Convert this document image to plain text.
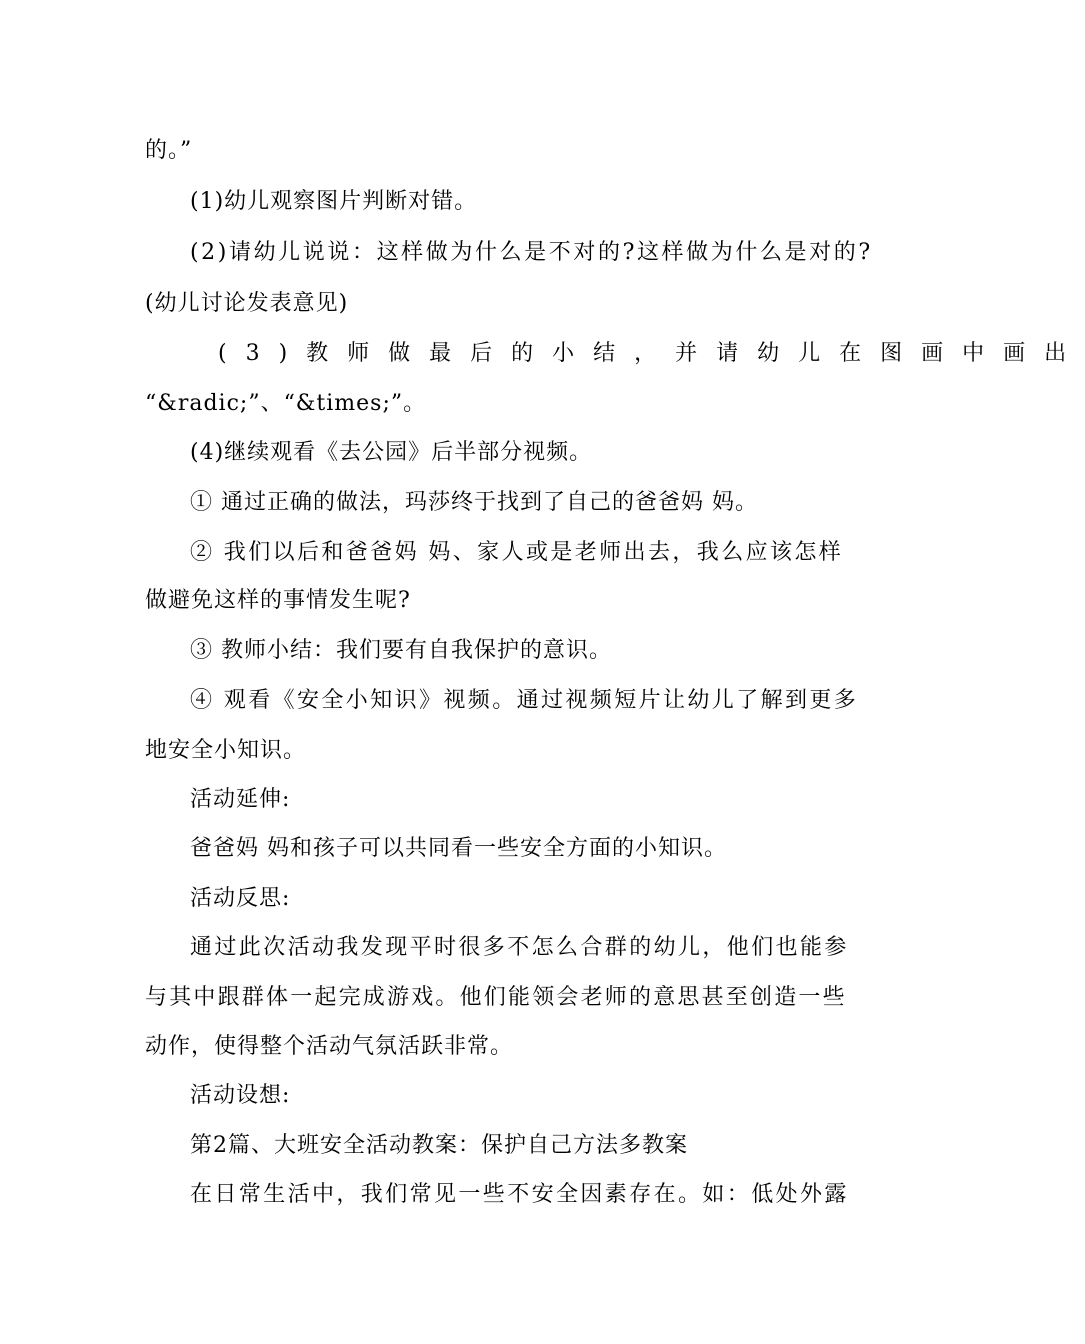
的。”
(1)幼儿观察图片判断对错。
(2)请幼儿说说：这样做为什么是不对的?这样做为什么是对的?
(幼儿讨论发表意见)
(3)教师做最后的小结，并请幼儿在图画中画出
“&radic;”、“&times;”。
(4)继续观看《去公园》后半部分视频。
① 通过正确的做法，玛莎终于找到了自己的爸爸妈 妈。
② 我们以后和爸爸妈 妈、家人或是老师出去，我么应该怎样
做避免这样的事情发生呢?
③ 教师小结：我们要有自我保护的意识。
④ 观看《安全小知识》视频。通过视频短片让幼儿了解到更多
地安全小知识。
活动延伸:
爸爸妈 妈和孩子可以共同看一些安全方面的小知识。
活动反思:
通过此次活动我发现平时很多不怎么合群的幼儿，他们也能参
与其中跟群体一起完成游戏。他们能领会老师的意思甚至创造一些
动作，使得整个活动气氛活跃非常。
活动设想:
第2篇、大班安全活动教案：保护自己方法多教案
在日常生活中，我们常见一些不安全因素存在。如：低处外露
